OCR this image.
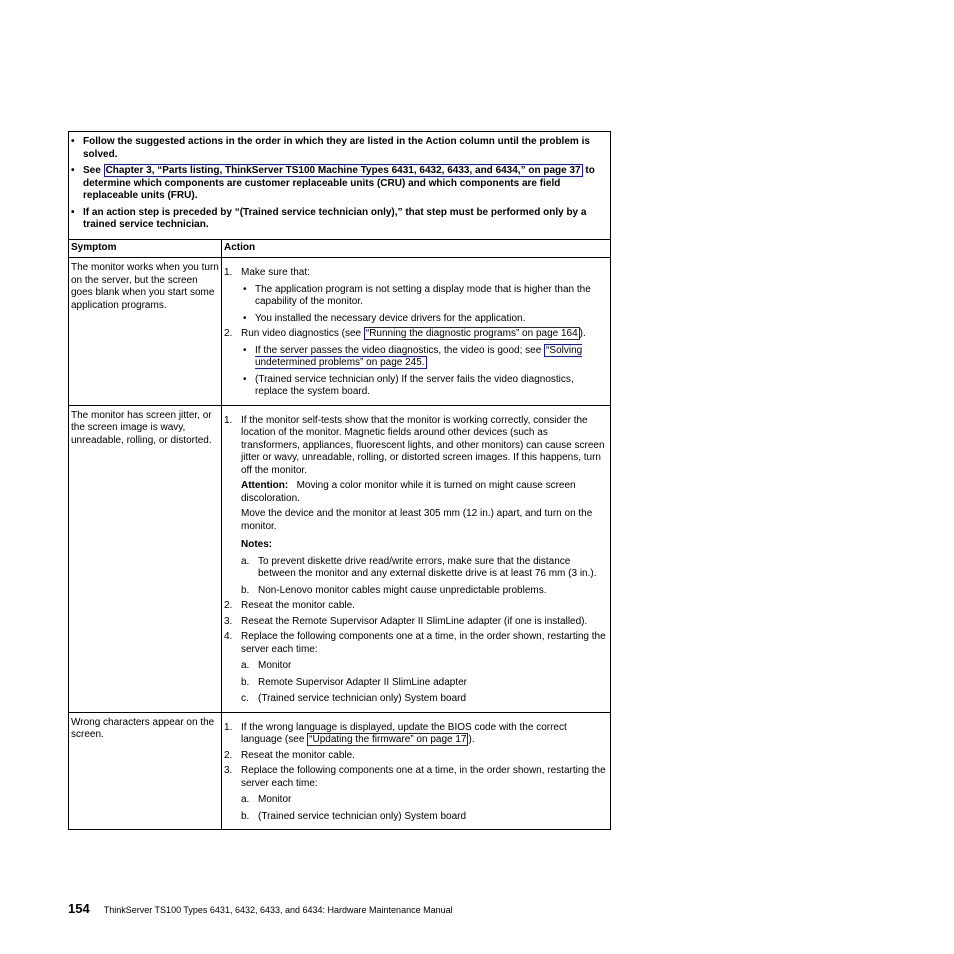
• Follow the suggested actions in the order in which they are listed in the Action column until the problem is solved.
• See Chapter 3, “Parts listing, ThinkServer TS100 Machine Types 6431, 6432, 6433, and 6434,” on page 37 to determine which components are customer replaceable units (CRU) and which components are field replaceable units (FRU).
• If an action step is preceded by “(Trained service technician only),” that step must be performed only by a trained service technician.
Symptom	Action
The monitor works when you turn on the server, but the screen goes blank when you start some application programs.
1. Make sure that:
• The application program is not setting a display mode that is higher than the capability of the monitor.
• You installed the necessary device drivers for the application.
2. Run video diagnostics (see “Running the diagnostic programs” on page 164 ).
• If the server passes the video diagnostics, the video is good; see “Solving undetermined problems” on page 245.
• (Trained service technician only) If the server fails the video diagnostics, replace the system board.
The monitor has screen jitter, or the screen image is wavy, unreadable, rolling, or distorted.
1. If the monitor self-tests show that the monitor is working correctly, consider the location of the monitor. Magnetic fields around other devices (such as transformers, appliances, fluorescent lights, and other monitors) can cause screen jitter or wavy, unreadable, rolling, or distorted screen images. If this happens, turn off the monitor.
Attention: Moving a color monitor while it is turned on might cause screen discoloration.
Move the device and the monitor at least 305 mm (12 in.) apart, and turn on the monitor.
Notes:
a. To prevent diskette drive read/write errors, make sure that the distance between the monitor and any external diskette drive is at least 76 mm (3 in.).
b. Non-Lenovo monitor cables might cause unpredictable problems.
2. Reseat the monitor cable.
3. Reseat the Remote Supervisor Adapter II SlimLine adapter (if one is installed).
4. Replace the following components one at a time, in the order shown, restarting the server each time:
a. Monitor
b. Remote Supervisor Adapter II SlimLine adapter
c. (Trained service technician only) System board
Wrong characters appear on the screen.
1. If the wrong language is displayed, update the BIOS code with the correct language (see “Updating the firmware” on page 17 ).
2. Reseat the monitor cable.
3. Replace the following components one at a time, in the order shown, restarting the server each time:
a. Monitor
b. (Trained service technician only) System board
154 ThinkServer TS100 Types 6431, 6432, 6433, and 6434: Hardware Maintenance Manual
